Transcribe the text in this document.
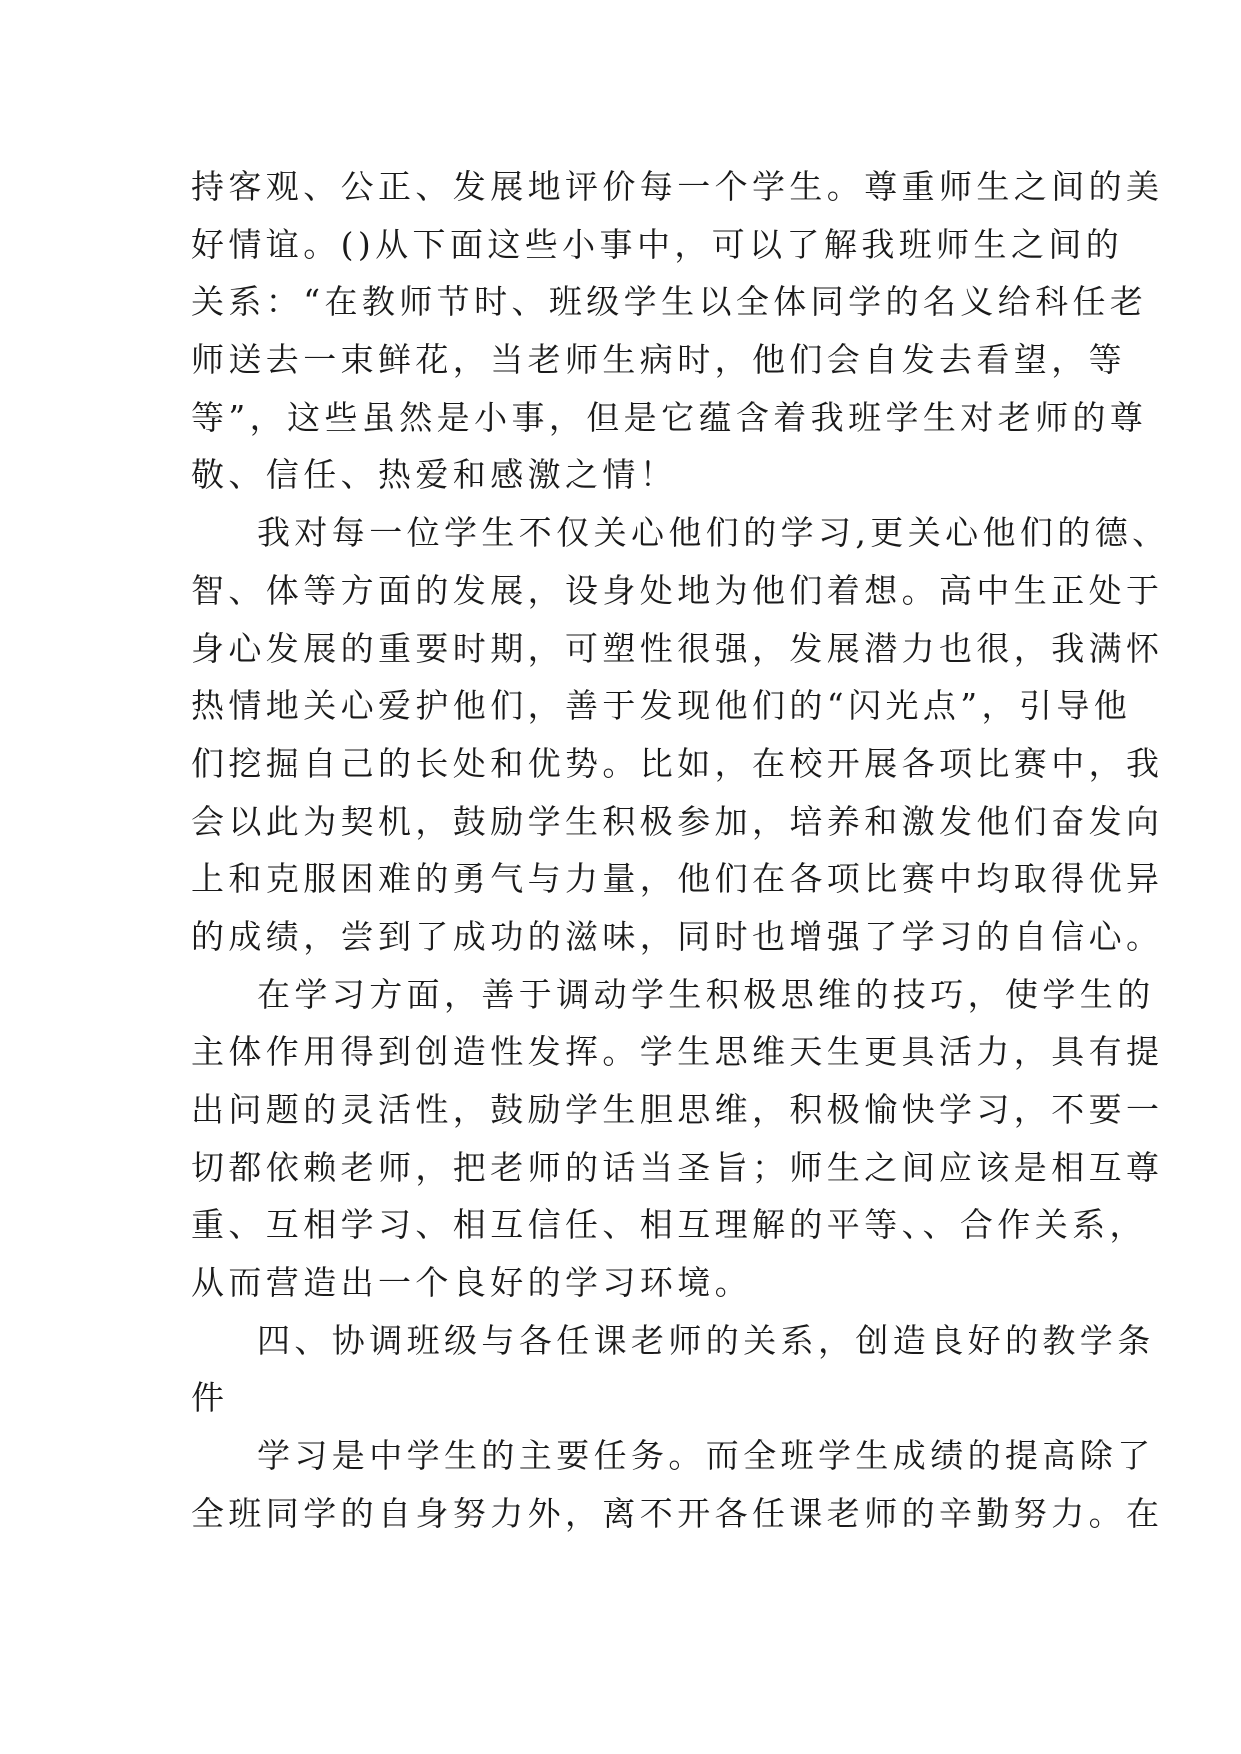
持客观、公正、发展地评价每一个学生。尊重师生之间的美
好情谊。()从下面这些小事中，可以了解我班师生之间的
关系：“在教师节时、班级学生以全体同学的名义给科任老
师送去一束鲜花，当老师生病时，他们会自发去看望，等
等”，这些虽然是小事，但是它蕴含着我班学生对老师的尊
敬、信任、热爱和感激之情！
我对每一位学生不仅关心他们的学习,更关心他们的德、
智、体等方面的发展，设身处地为他们着想。高中生正处于
身心发展的重要时期，可塑性很强，发展潜力也很，我满怀
热情地关心爱护他们，善于发现他们的“闪光点”，引导他
们挖掘自己的长处和优势。比如，在校开展各项比赛中，我
会以此为契机，鼓励学生积极参加，培养和激发他们奋发向
上和克服困难的勇气与力量，他们在各项比赛中均取得优异
的成绩，尝到了成功的滋味，同时也增强了学习的自信心。
在学习方面，善于调动学生积极思维的技巧，使学生的
主体作用得到创造性发挥。学生思维天生更具活力，具有提
出问题的灵活性，鼓励学生胆思维，积极愉快学习，不要一
切都依赖老师，把老师的话当圣旨；师生之间应该是相互尊
重、互相学习、相互信任、相互理解的平等、、合作关系，
从而营造出一个良好的学习环境。
四、协调班级与各任课老师的关系，创造良好的教学条
件
学习是中学生的主要任务。而全班学生成绩的提高除了
全班同学的自身努力外，离不开各任课老师的辛勤努力。在
